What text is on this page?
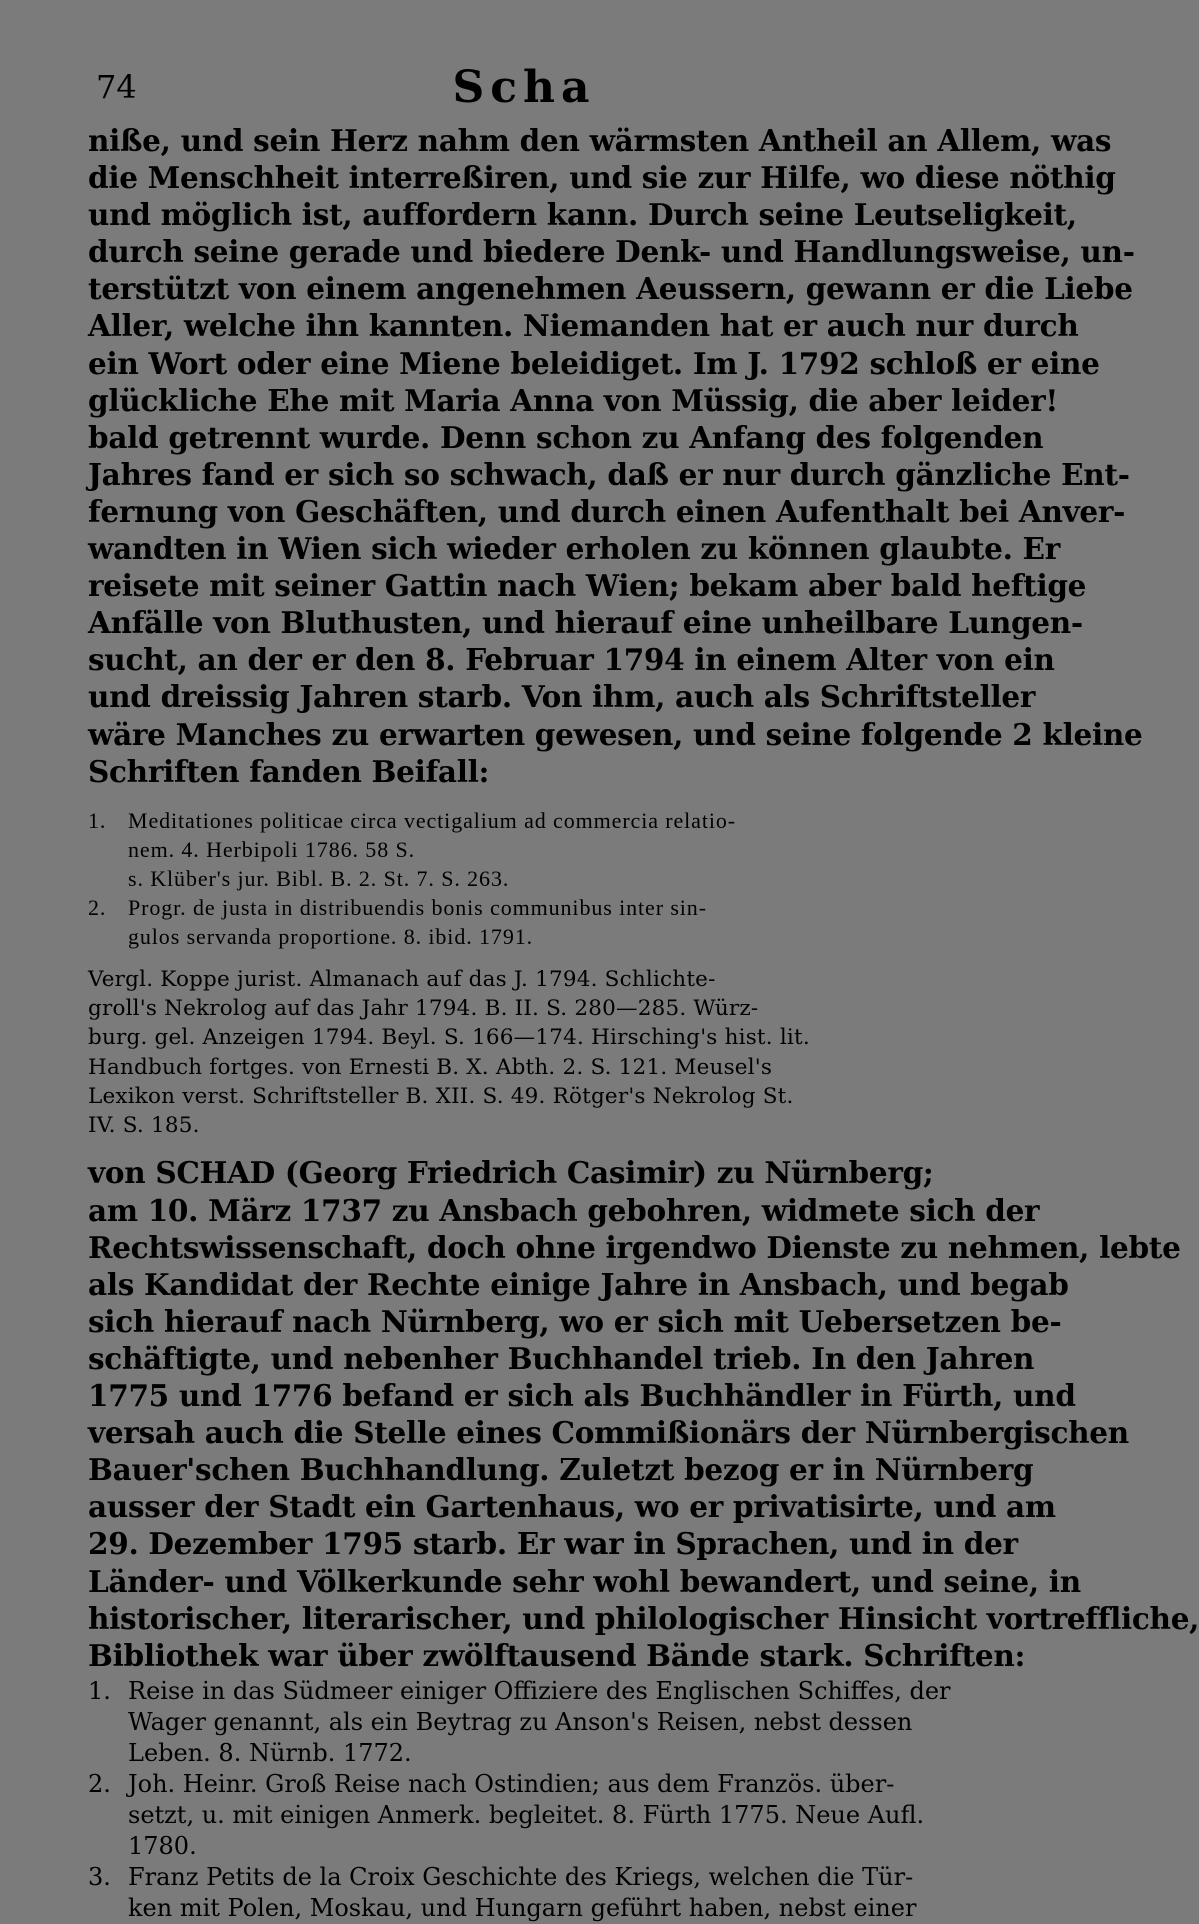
74	Scha
nißе, und sein Herz nahm den wärmsten Antheil an Allem, was
die Menschheit interreßiren, und sie zur Hilfe, wo diese nöthig
und möglich ist, auffordern kann. Durch seine Leutseligkeit,
durch seine gerade und biedere Denk- und Handlungsweise, un-
terstützt von einem angenehmen Aeussern, gewann er die Liebe
Aller, welche ihn kannten. Niemanden hat er auch nur durch
ein Wort oder eine Miene beleidiget. Im J. 1792 schloß er eine
glückliche Ehe mit Maria Anna von Müssig, die aber leider!
bald getrennt wurde. Denn schon zu Anfang des folgenden
Jahres fand er sich so schwach, daß er nur durch gänzliche Ent-
fernung von Geschäften, und durch einen Aufenthalt bei Anver-
wandten in Wien sich wieder erholen zu können glaubte. Er
reisete mit seiner Gattin nach Wien; bekam aber bald heftige
Anfälle von Bluthusten, und hierauf eine unheilbare Lungen-
sucht, an der er den 8. Februar 1794 in einem Alter von ein
und dreissig Jahren starb. Von ihm, auch als Schriftsteller
wäre Manches zu erwarten gewesen, und seine folgende 2 kleine
Schriften fanden Beifall:
1. Meditationes politicae circa vectigalium ad commercia relatio-
nem. 4. Herbipoli 1786. 58 S.
s. Klüber's jur. Bibl. B. 2. St. 7. S. 263.
2. Progr. de justa in distribuendis bonis communibus inter sin-
gulos servanda proportione. 8. ibid. 1791.
Vergl. Koppe jurist. Almanach auf das J. 1794. Schlichte-
groll's Nekrolog auf das Jahr 1794. B. II. S. 280—285. Würz-
burg. gel. Anzeigen 1794. Beyl. S. 166—174. Hirsching's hist. lit.
Handbuch fortges. von Ernesti B. X. Abth. 2. S. 121. Meusel's
Lexikon verst. Schriftsteller B. XII. S. 49. Rötger's Nekrolog St.
IV. S. 185.
von SCHAD (Georg Friedrich Casimir) zu Nürnberg;
am 10. März 1737 zu Ansbach gebohren, widmete sich der
Rechtswissenschaft, doch ohne irgendwo Dienste zu nehmen, lebte
als Kandidat der Rechte einige Jahre in Ansbach, und begab
sich hierauf nach Nürnberg, wo er sich mit Uebersetzen be-
schäftigte, und nebenher Buchhandel trieb. In den Jahren
1775 und 1776 befand er sich als Buchhändler in Fürth, und
versah auch die Stelle eines Commißionärs der Nürnbergischen
Bauer'schen Buchhandlung. Zuletzt bezog er in Nürnberg
ausser der Stadt ein Gartenhaus, wo er privatisirte, und am
29. Dezember 1795 starb. Er war in Sprachen, und in der
Länder- und Völkerkunde sehr wohl bewandert, und seine, in
historischer, literarischer, und philologischer Hinsicht vortreffliche,
Bibliothek war über zwölftausend Bände stark. Schriften:
1. Reise in das Südmeer einiger Offiziere des Englischen Schiffes, der
Wager genannt, als ein Beytrag zu Anson's Reisen, nebst dessen
Leben. 8. Nürnb. 1772.
2. Joh. Heinr. Groß Reise nach Ostindien; aus dem Französ. über-
setzt, u. mit einigen Anmerk. begleitet. 8. Fürth 1775. Neue Aufl.
1780.
3. Franz Petits de la Croix Geschichte des Kriegs, welchen die Tür-
ken mit Polen, Moskau, und Hungarn geführt haben, nebst einer
